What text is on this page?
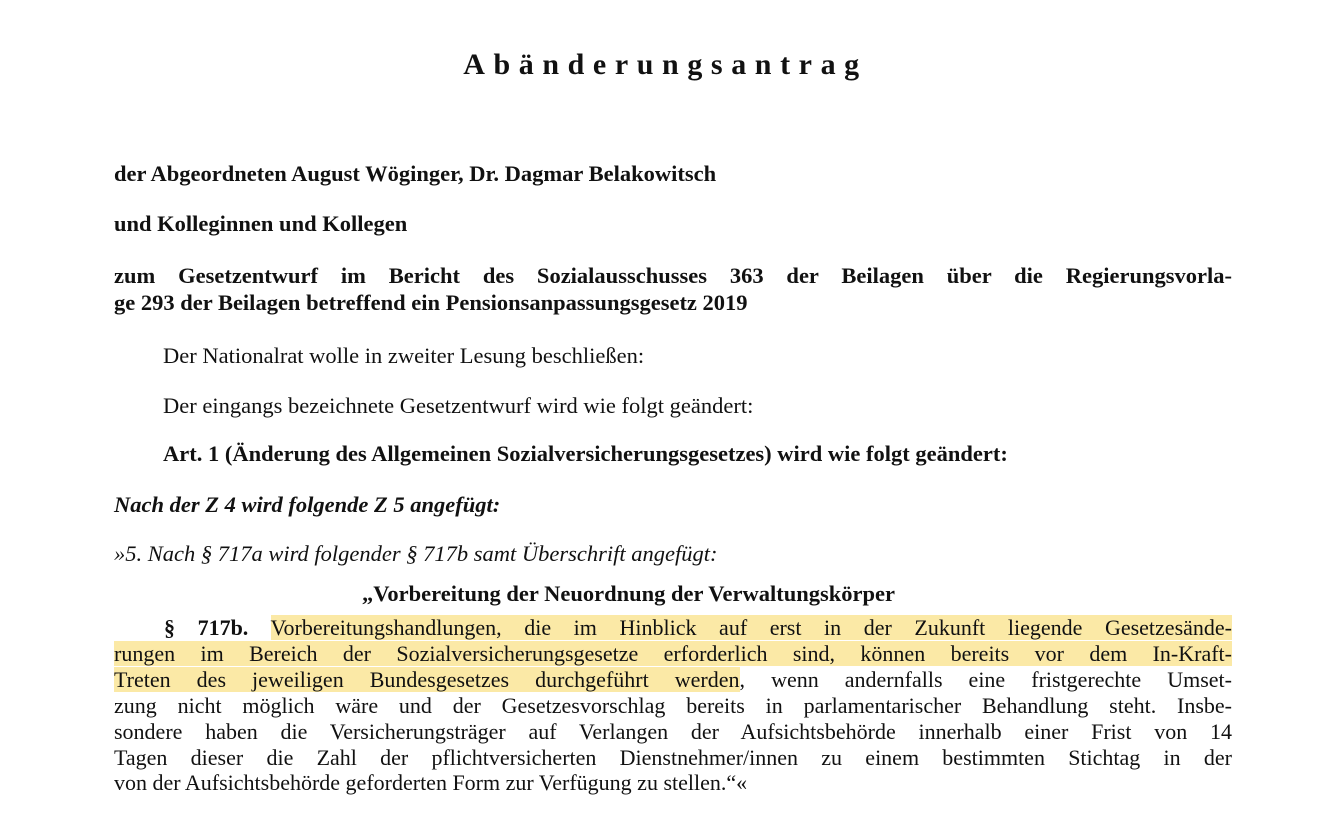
Abänderungsantrag
der Abgeordneten August Wöginger, Dr. Dagmar Belakowitsch
und Kolleginnen und Kollegen
zum Gesetzentwurf im Bericht des Sozialausschusses 363 der Beilagen über die Regierungsvorla-
ge 293 der Beilagen betreffend ein Pensionsanpassungsgesetz 2019
Der Nationalrat wolle in zweiter Lesung beschließen:
Der eingangs bezeichnete Gesetzentwurf wird wie folgt geändert:
Art. 1 (Änderung des Allgemeinen Sozialversicherungsgesetzes) wird wie folgt geändert:
Nach der Z 4 wird folgende Z 5 angefügt:
»5. Nach § 717a wird folgender § 717b samt Überschrift angefügt:
„Vorbereitung der Neuordnung der Verwaltungskörper
§ 717b. Vorbereitungshandlungen, die im Hinblick auf erst in der Zukunft liegende Gesetzesände-
rungen im Bereich der Sozialversicherungsgesetze erforderlich sind, können bereits vor dem In-Kraft-
Treten des jeweiligen Bundesgesetzes durchgeführt werden, wenn andernfalls eine fristgerechte Umset-
zung nicht möglich wäre und der Gesetzesvorschlag bereits in parlamentarischer Behandlung steht. Insbe-
sondere haben die Versicherungsträger auf Verlangen der Aufsichtsbehörde innerhalb einer Frist von 14
Tagen dieser die Zahl der pflichtversicherten Dienstnehmer/innen zu einem bestimmten Stichtag in der
von der Aufsichtsbehörde geforderten Form zur Verfügung zu stellen.“«
